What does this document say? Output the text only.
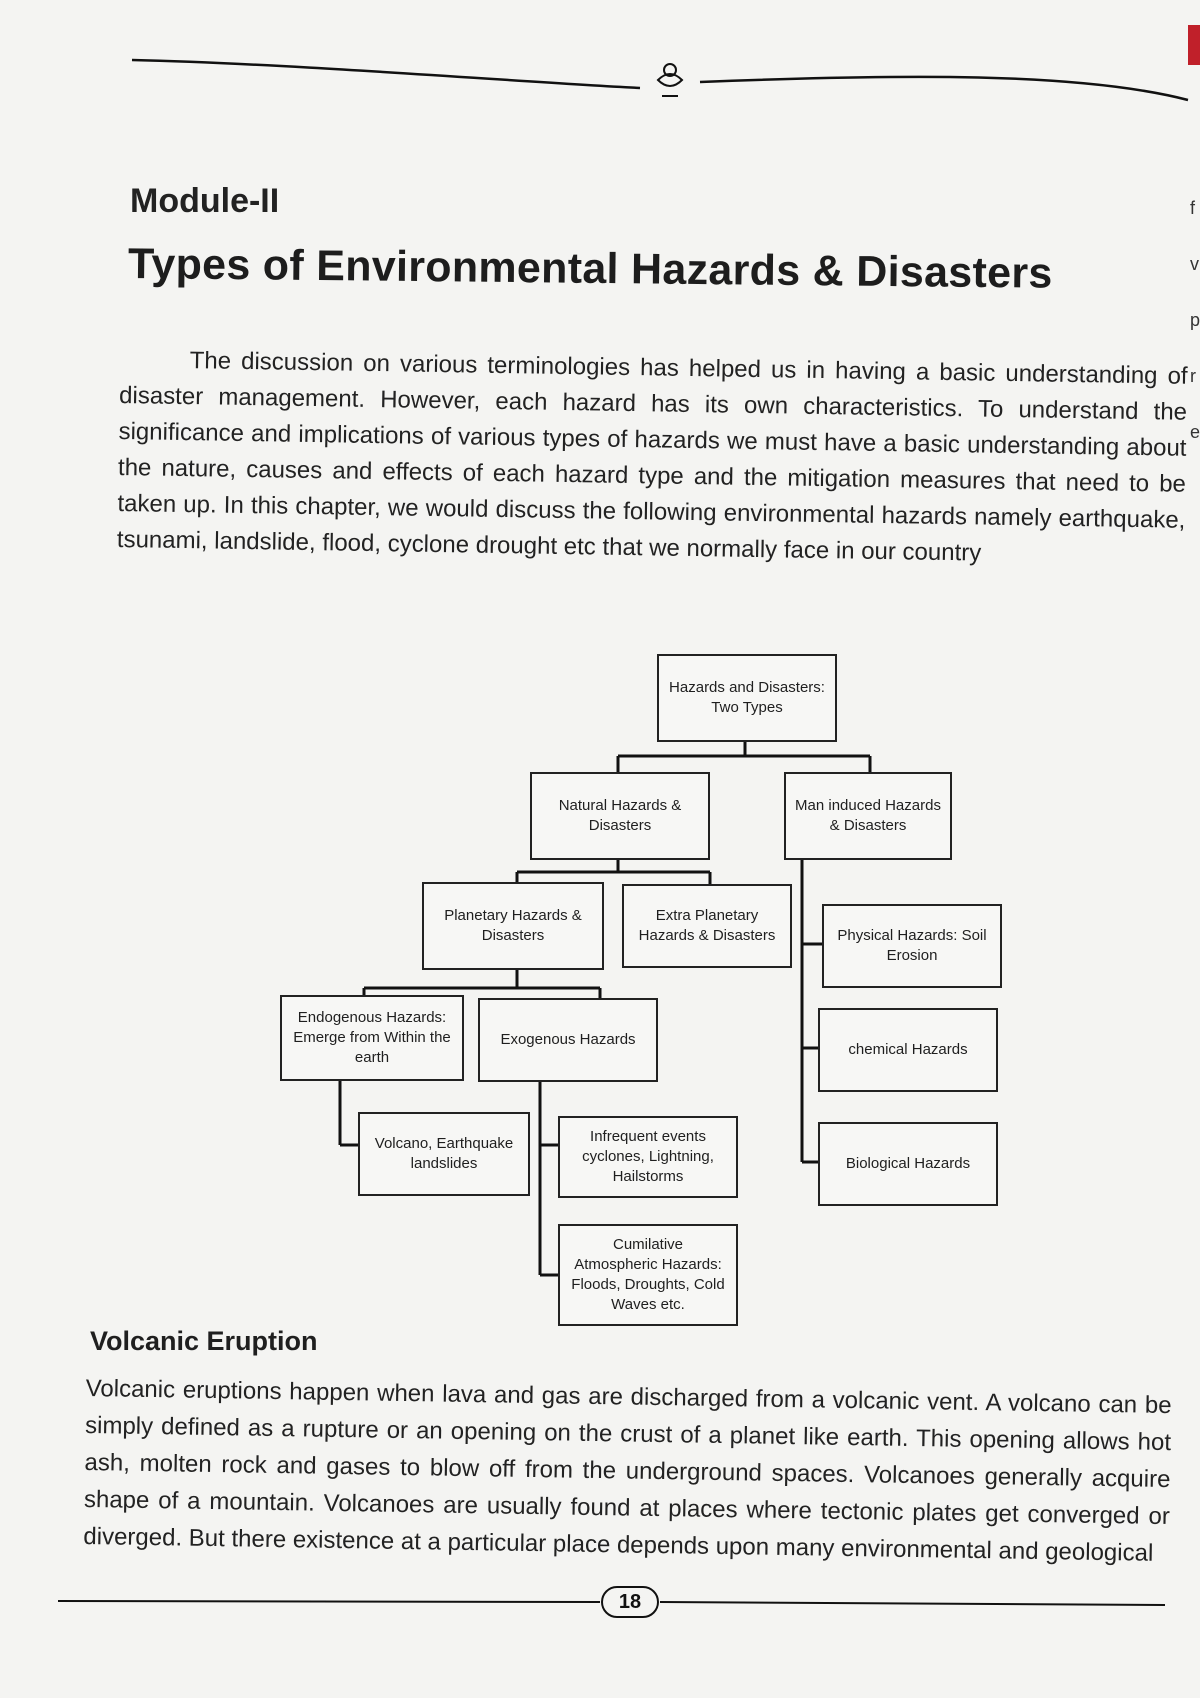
f
v
p
r
e
Module-II
Types of Environmental Hazards & Disasters
The discussion on various terminologies has helped us in having a basic understanding of disaster management. However, each hazard has its own characteristics. To understand the significance and implications of various types of hazards we must have a basic understanding about the nature, causes and effects of each hazard type and the mitigation measures that need to be taken up. In this chapter, we would discuss the following environmental hazards namely earthquake, tsunami, landslide, flood, cyclone drought etc that we normally face in our country
Hazards and Disasters:
Two Types
Natural Hazards &
Disasters
Man induced Hazards
& Disasters
Planetary Hazards &
Disasters
Extra Planetary
Hazards & Disasters
Endogenous Hazards:
Emerge from Within the
earth
Exogenous Hazards
Volcano, Earthquake
landslides
Infrequent events
cyclones, Lightning,
Hailstorms
Cumilative
Atmospheric Hazards:
Floods, Droughts, Cold
Waves etc.
Physical Hazards: Soil
Erosion
chemical Hazards
Biological Hazards
Volcanic Eruption
Volcanic eruptions happen when lava and gas are discharged from a volcanic vent. A volcano can be simply defined as a rupture or an opening on the crust of a planet like earth. This opening allows hot ash, molten rock and gases to blow off from the underground spaces. Volcanoes generally acquire shape of a mountain. Volcanoes are usually found at places where tectonic plates get converged or diverged. But there existence at a particular place depends upon many environmental and geological
18
